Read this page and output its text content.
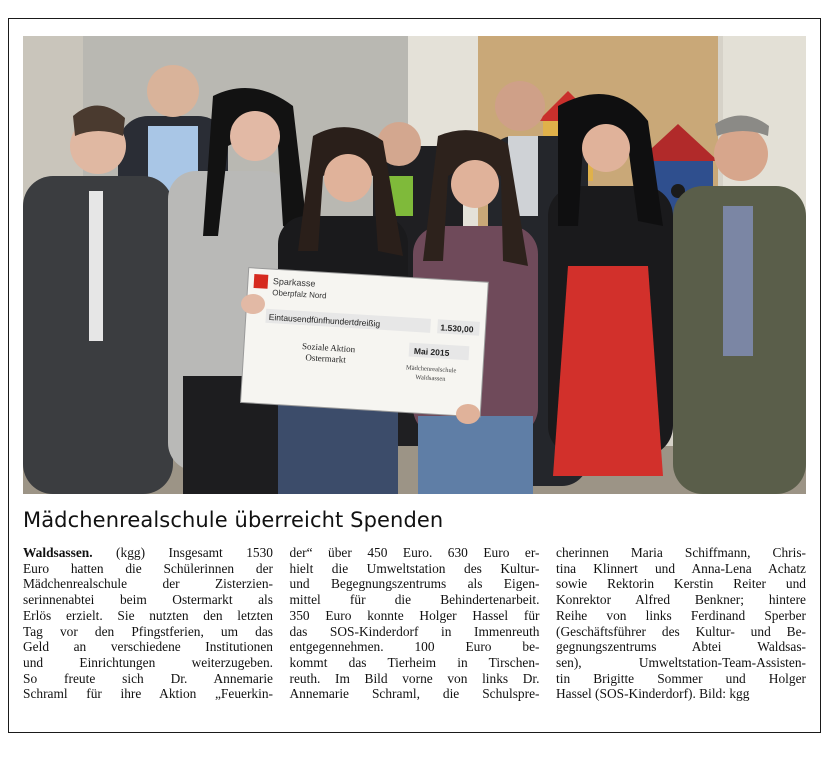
Sparkasse
Oberpfalz Nord
Eintausendfünfhundertdreißig	1.530,00
Soziale Aktion
Ostermarkt
Mai 2015
Mädchenrealschule
Waldsassen
Mädchenrealschule überreicht Spenden
Waldsassen. (kgg) Insgesamt 1530
Euro hatten die Schülerinnen der
Mädchenrealschule der Zisterzien-
serinnenabtei beim Ostermarkt als
Erlös erzielt. Sie nutzten den letzten
Tag vor den Pfingstferien, um das
Geld an verschiedene Institutionen
und Einrichtungen weiterzugeben.
So freute sich Dr. Annemarie
Schraml für ihre Aktion „Feuerkin-
der“ über 450 Euro. 630 Euro er-
hielt die Umweltstation des Kultur-
und Begegnungszentrums als Eigen-
mittel für die Behindertenarbeit.
350 Euro konnte Holger Hassel für
das SOS-Kinderdorf in Immenreuth
entgegennehmen. 100 Euro be-
kommt das Tierheim in Tirschen-
reuth. Im Bild vorne von links Dr.
Annemarie Schraml, die Schulspre-
cherinnen Maria Schiffmann, Chris-
tina Klinnert und Anna-Lena Achatz
sowie Rektorin Kerstin Reiter und
Konrektor Alfred Benkner; hintere
Reihe von links Ferdinand Sperber
(Geschäftsführer des Kultur- und Be-
gegnungszentrums Abtei Waldsas-
sen), Umweltstation-Team-Assisten-
tin Brigitte Sommer und Holger
Hassel (SOS-Kinderdorf). Bild: kgg
